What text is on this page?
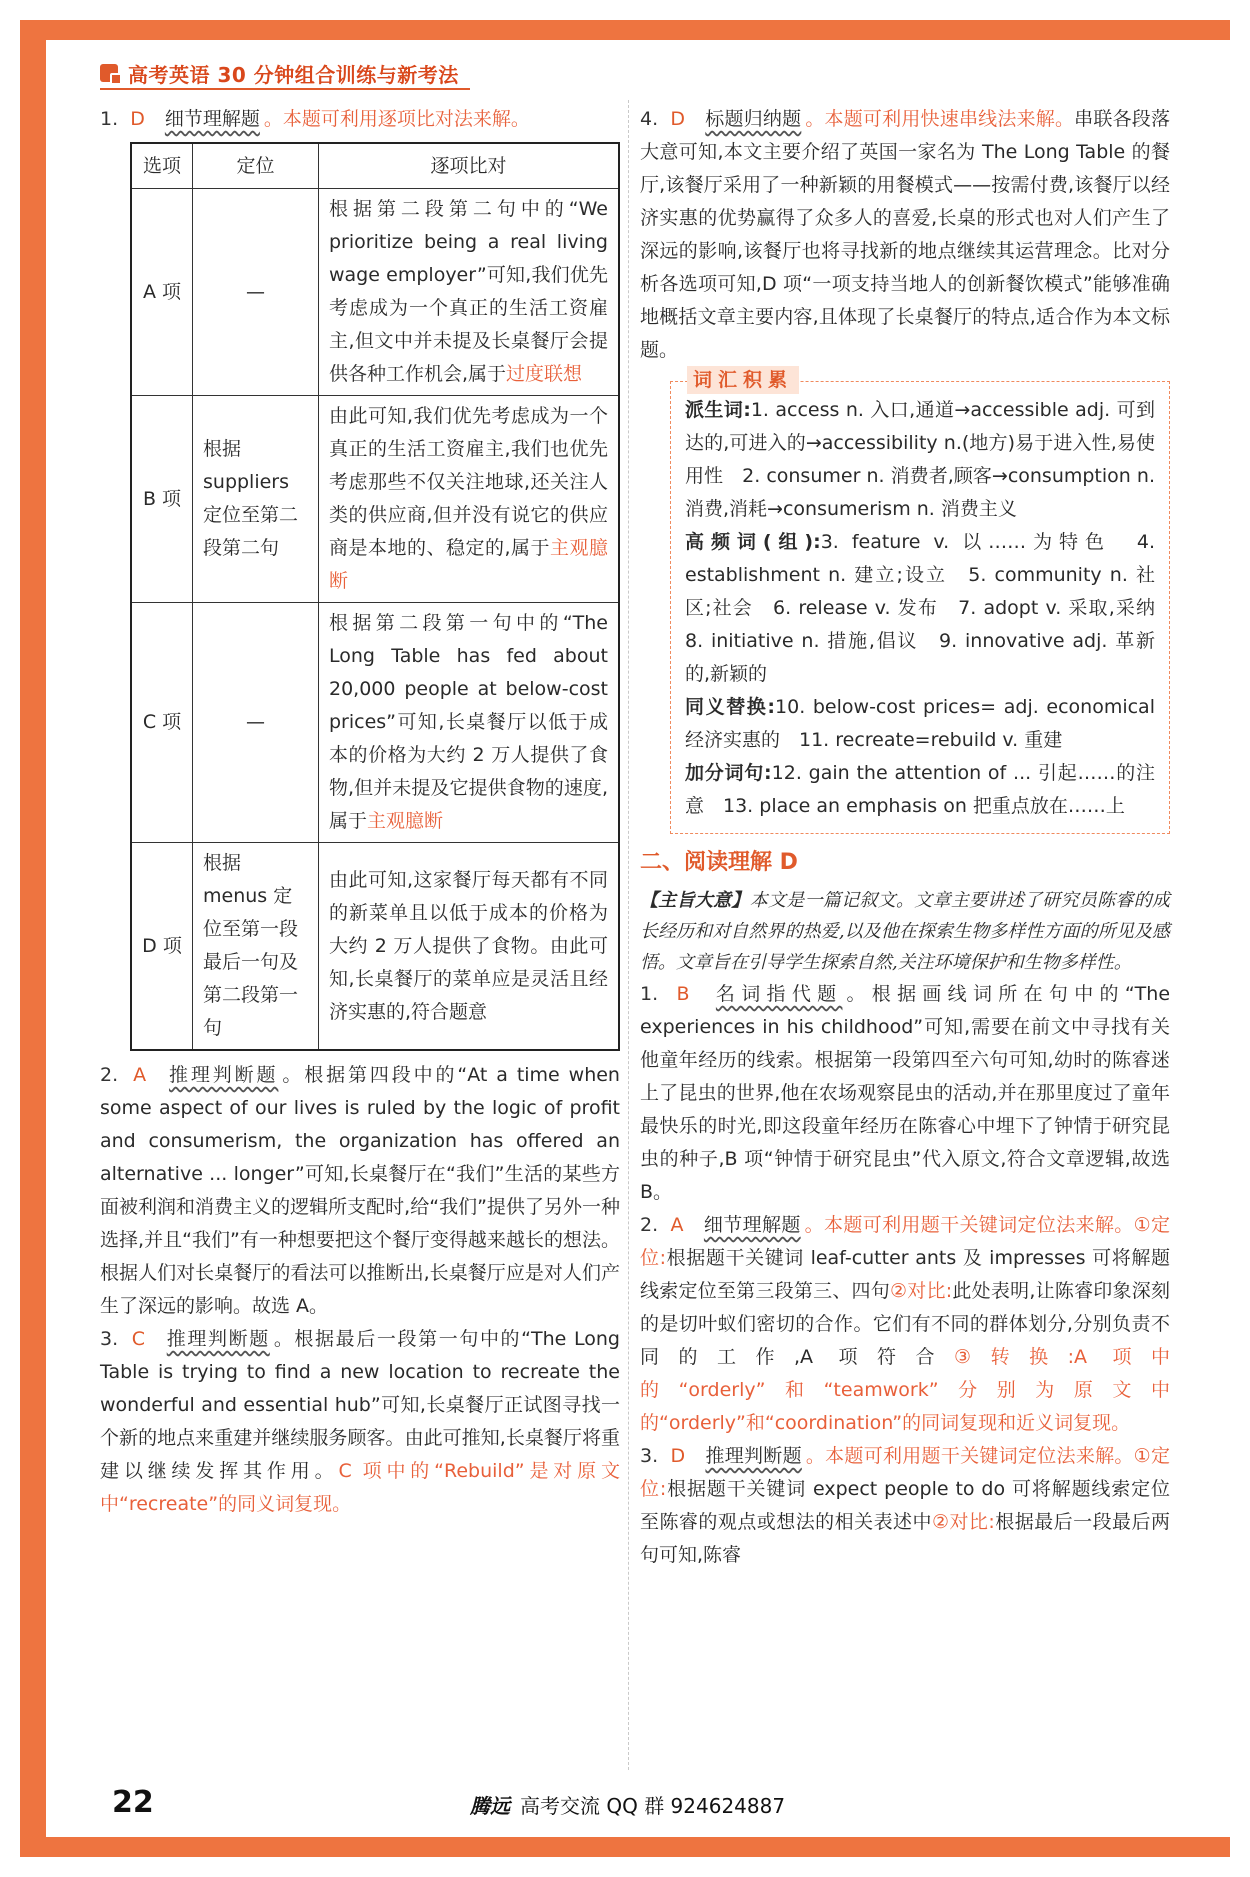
高考英语 30 分钟组合训练与新考法

1. D 细节理解题 。本题可利用逐项比对法来解。

选项	定位	逐项比对
A 项	—	根据第二段第二句中的“We prioritize being a real living wage employer”可知,我们优先考虑成为一个真正的生活工资雇主,但文中并未提及长桌餐厅会提供各种工作机会,属于过度联想
B 项	根据 suppliers 定位至第二段第二句	由此可知,我们优先考虑成为一个真正的生活工资雇主,我们也优先考虑那些不仅关注地球,还关注人类的供应商,但并没有说它的供应商是本地的、稳定的,属于主观臆断
C 项	—	根据第二段第一句中的“The Long Table has fed about 20,000 people at below-cost prices”可知,长桌餐厅以低于成本的价格为大约 2 万人提供了食物,但并未提及它提供食物的速度,属于主观臆断
D 项	根据 menus 定位至第一段最后一句及第二段第一句	由此可知,这家餐厅每天都有不同的新菜单且以低于成本的价格为大约 2 万人提供了食物。由此可知,长桌餐厅的菜单应是灵活且经济实惠的,符合题意

2. A 推理判断题 。根据第四段中的“At a time when some aspect of our lives is ruled by the logic of profit and consumerism, the organization has offered an alternative ... longer”可知,长桌餐厅在“我们”生活的某些方面被利润和消费主义的逻辑所支配时,给“我们”提供了另外一种选择,并且“我们”有一种想要把这个餐厅变得越来越长的想法。根据人们对长桌餐厅的看法可以推断出,长桌餐厅应是对人们产生了深远的影响。故选 A。

3. C 推理判断题 。根据最后一段第一句中的“The Long Table is trying to find a new location to recreate the wonderful and essential hub”可知,长桌餐厅正试图寻找一个新的地点来重建并继续服务顾客。由此可推知,长桌餐厅将重建以继续发挥其作用。C 项中的“Rebuild”是对原文中“recreate”的同义词复现。

4. D 标题归纳题 。本题可利用快速串线法来解。串联各段落大意可知,本文主要介绍了英国一家名为 The Long Table 的餐厅,该餐厅采用了一种新颖的用餐模式——按需付费,该餐厅以经济实惠的优势赢得了众多人的喜爱,长桌的形式也对人们产生了深远的影响,该餐厅也将寻找新的地点继续其运营理念。比对分析各选项可知,D 项“一项支持当地人的创新餐饮模式”能够准确地概括文章主要内容,且体现了长桌餐厅的特点,适合作为本文标题。

词汇积累

派生词:1. access n. 入口,通道→accessible adj. 可到达的,可进入的→accessibility n.(地方)易于进入性,易使用性　2. consumer n. 消费者,顾客→consumption n. 消费,消耗→consumerism n. 消费主义

高频词(组):3. feature v. 以……为特色　4. establishment n. 建立;设立　5. community n. 社区;社会　6. release v. 发布　7. adopt v. 采取,采纳　8. initiative n. 措施,倡议　9. innovative adj. 革新的,新颖的

同义替换:10. below-cost prices= adj. economical 经济实惠的　11. recreate=rebuild v. 重建

加分词句:12. gain the attention of ... 引起……的注意　13. place an emphasis on 把重点放在……上

二、阅读理解 D

【主旨大意】本文是一篇记叙文。文章主要讲述了研究员陈睿的成长经历和对自然界的热爱,以及他在探索生物多样性方面的所见及感悟。文章旨在引导学生探索自然,关注环境保护和生物多样性。

1. B 名词指代题 。根据画线词所在句中的“The experiences in his childhood”可知,需要在前文中寻找有关他童年经历的线索。根据第一段第四至六句可知,幼时的陈睿迷上了昆虫的世界,他在农场观察昆虫的活动,并在那里度过了童年最快乐的时光,即这段童年经历在陈睿心中埋下了钟情于研究昆虫的种子,B 项“钟情于研究昆虫”代入原文,符合文章逻辑,故选 B。

2. A 细节理解题 。本题可利用题干关键词定位法来解。①定位:根据题干关键词 leaf-cutter ants 及 impresses 可将解题线索定位至第三段第三、四句②对比:此处表明,让陈睿印象深刻的是切叶蚁们密切的合作。它们有不同的群体划分,分别负责不同的工作,A 项符合③转换:A 项中的“orderly”和“teamwork”分别为原文中的“orderly”和“coordination”的同词复现和近义词复现。

3. D 推理判断题 。本题可利用题干关键词定位法来解。①定位:根据题干关键词 expect people to do 可将解题线索定位至陈睿的观点或想法的相关表述中②对比:根据最后一段最后两句可知,陈睿

22	腾远 高考交流 QQ 群 924624887
